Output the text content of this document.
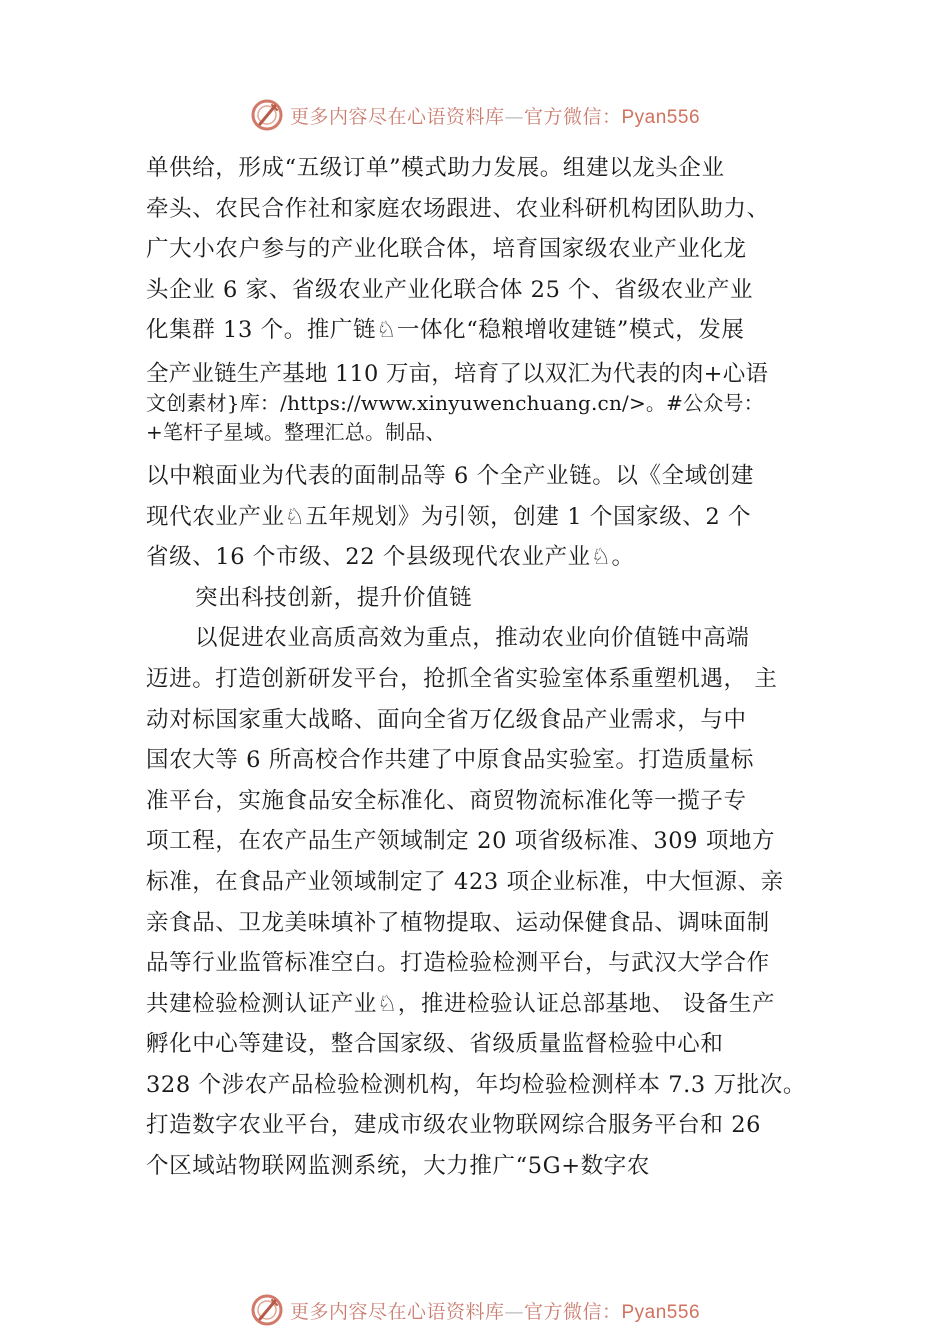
更多内容尽在心语资料库—官方微信：Pyan556
单供给，形成“五级订单”模式助力发展。组建以龙头企业
牵头、农民合作社和家庭农场跟进、农业科研机构团队助力、
广大小农户参与的产业化联合体，培育国家级农业产业化龙
头企业 6 家、省级农业产业化联合体 25 个、省级农业产业
化集群 13 个。推广链♘一体化“稳粮增收建链”模式，发展
全产业链生产基地 110 万亩，培育了以双汇为代表的肉+心语
文创素材}库：/https://www.xinyuwenchuang.cn/>。#公众号：
+笔杆子星域。整理汇总。制品、
以中粮面业为代表的面制品等 6 个全产业链。以《全域创建
现代农业产业♘五年规划》为引领，创建 1 个国家级、2 个
省级、16 个市级、22 个县级现代农业产业♘。
突出科技创新，提升价值链
以促进农业高质高效为重点，推动农业向价值链中高端
迈进。打造创新研发平台，抢抓全省实验室体系重塑机遇， 主
动对标国家重大战略、面向全省万亿级食品产业需求，与中
国农大等 6 所高校合作共建了中原食品实验室。打造质量标
准平台，实施食品安全标准化、商贸物流标准化等一揽子专
项工程，在农产品生产领域制定 20 项省级标准、309 项地方
标准，在食品产业领域制定了 423 项企业标准，中大恒源、亲
亲食品、卫龙美味填补了植物提取、运动保健食品、调味面制
品等行业监管标准空白。打造检验检测平台，与武汉大学合作
共建检验检测认证产业♘，推进检验认证总部基地、 设备生产
孵化中心等建设，整合国家级、省级质量监督检验中心和
328 个涉农产品检验检测机构，年均检验检测样本 7.3 万批次。
打造数字农业平台，建成市级农业物联网综合服务平台和 26
个区域站物联网监测系统，大力推广“5G+数字农
更多内容尽在心语资料库—官方微信：Pyan556
